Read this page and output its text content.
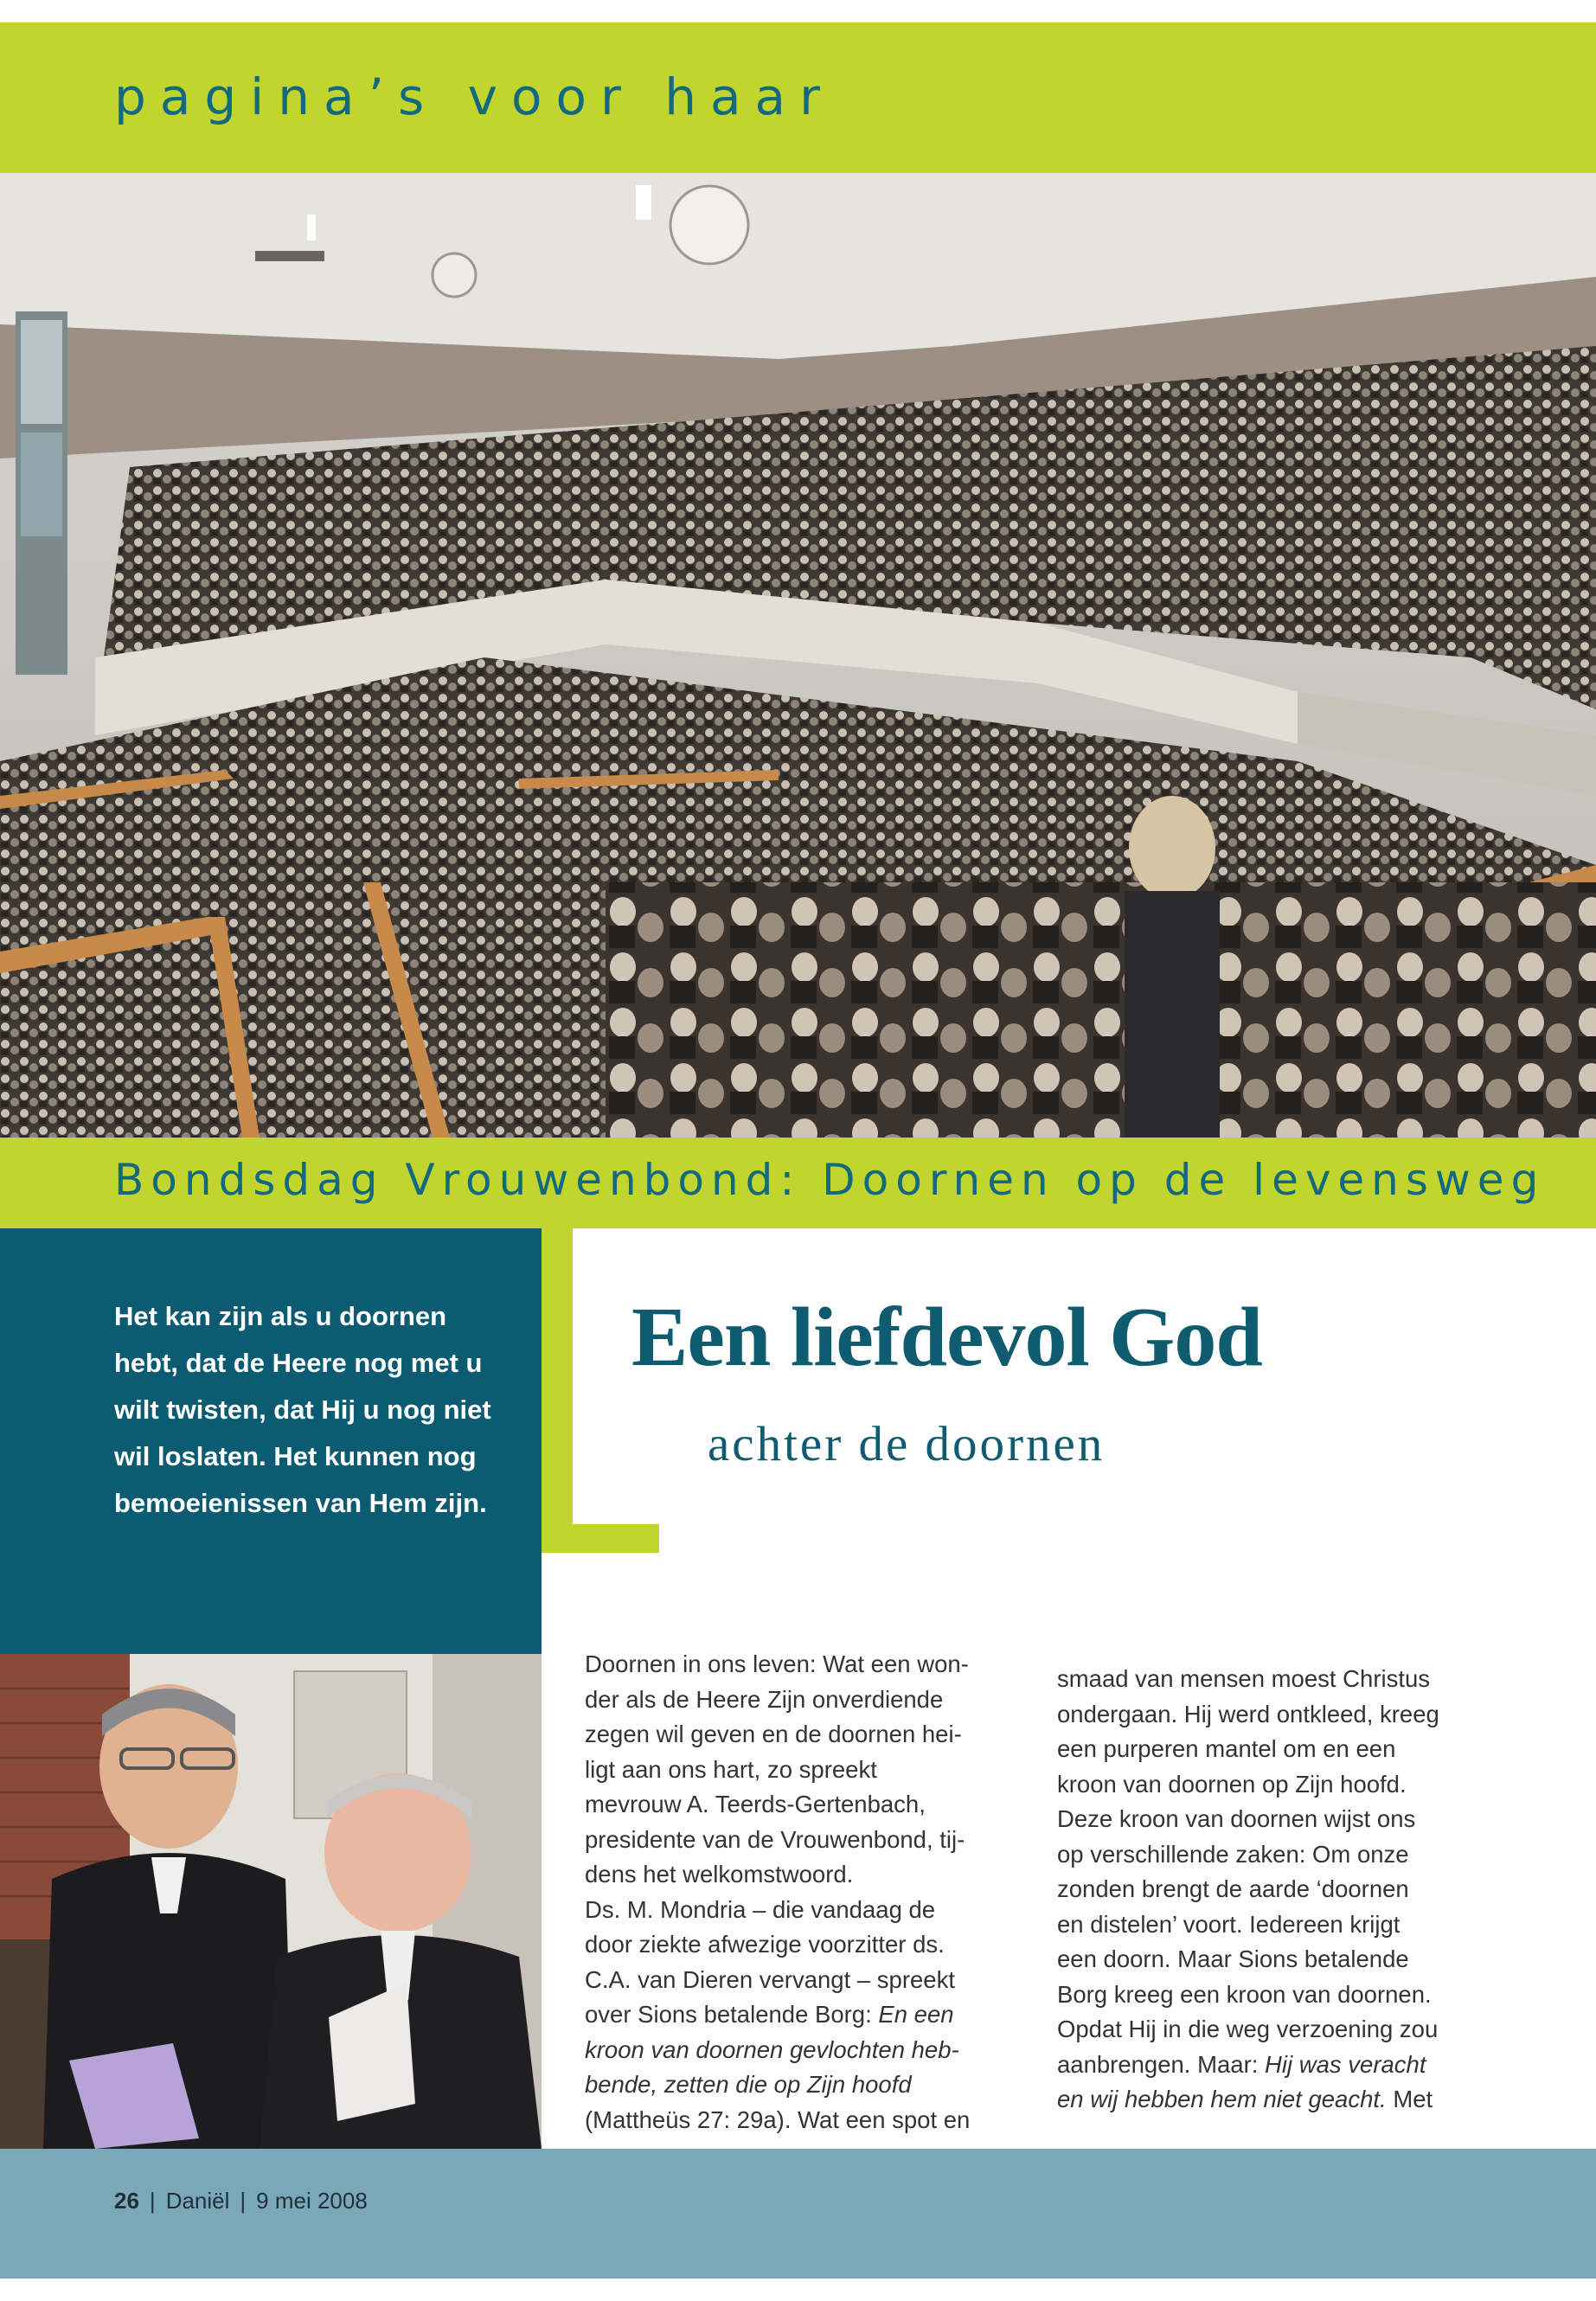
pagina’s voor haar
Bondsdag Vrouwenbond: Doornen op de levensweg
Het kan zijn als u doornen hebt, dat de Heere nog met u wilt twisten, dat Hij u nog niet wil loslaten. Het kunnen nog bemoeienissen van Hem zijn.
Een liefdevol God
achter de doornen
Doornen in ons leven: Wat een won-
der als de Heere Zijn onverdiende
zegen wil geven en de doornen hei-
ligt aan ons hart, zo spreekt
mevrouw A. Teerds-Gertenbach,
presidente van de Vrouwenbond, tij-
dens het welkomstwoord.
Ds. M. Mondria – die vandaag de
door ziekte afwezige voorzitter ds.
C.A. van Dieren vervangt – spreekt
over Sions betalende Borg: En een
kroon van doornen gevlochten heb-
bende, zetten die op Zijn hoofd
(Mattheüs 27: 29a). Wat een spot en
smaad van mensen moest Christus
ondergaan. Hij werd ontkleed, kreeg
een purperen mantel om en een
kroon van doornen op Zijn hoofd.
Deze kroon van doornen wijst ons
op verschillende zaken: Om onze
zonden brengt de aarde ‘doornen
en distelen’ voort. Iedereen krijgt
een doorn. Maar Sions betalende
Borg kreeg een kroon van doornen.
Opdat Hij in die weg verzoening zou
aanbrengen. Maar: Hij was veracht
en wij hebben hem niet geacht. Met
26 | Daniël | 9 mei 2008
